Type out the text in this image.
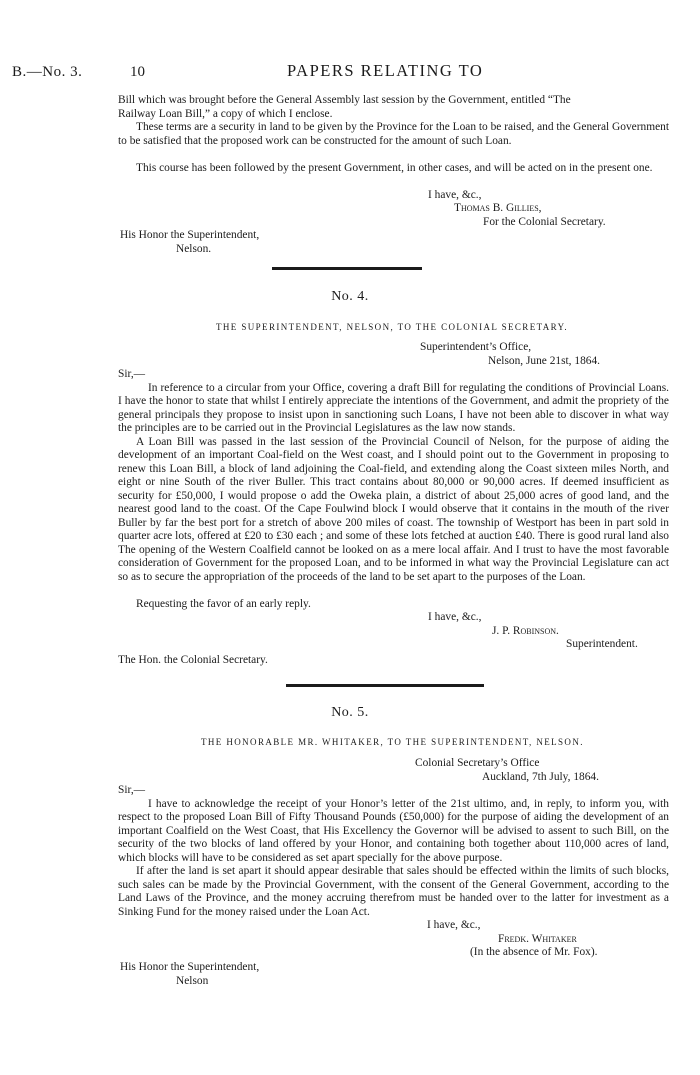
B.—No. 3.	10	PAPERS RELATING TO
Bill which was brought before the General Assembly last session by the Government, entitled “The
Railway Loan Bill,” a copy of which I enclose.

These terms are a security in land to be given by the Province for the Loan to be raised, and the General Government to be satisfied that the proposed work can be constructed for the amount of such Loan.

This course has been followed by the present Government, in other cases, and will be acted on in the present one.

I have, &c.,
Thomas B. Gillies,
For the Colonial Secretary.
His Honor the Superintendent,
Nelson.
No. 4.
THE SUPERINTENDENT, NELSON, TO THE COLONIAL SECRETARY.
Superintendent’s Office,
Nelson, June 21st, 1864.
Sir,—

In reference to a circular from your Office, covering a draft Bill for regulating the conditions of Provincial Loans. I have the honor to state that whilst I entirely appreciate the intentions of the Government, and admit the propriety of the general principals they propose to insist upon in sanctioning such Loans, I have not been able to discover in what way the principles are to be carried out in the Provincial Legislatures as the law now stands.

A Loan Bill was passed in the last session of the Provincial Council of Nelson, for the purpose of aiding the development of an important Coal-field on the West coast, and I should point out to the Government in proposing to renew this Loan Bill, a block of land adjoining the Coal-field, and extending along the Coast sixteen miles North, and eight or nine South of the river Buller. This tract contains about 80,000 or 90,000 acres. If deemed insufficient as security for £50,000, I would propose o add the Oweka plain, a district of about 25,000 acres of good land, and the nearest good land to the coast. Of the Cape Foulwind block I would observe that it contains in the mouth of the river Buller by far the best port for a stretch of above 200 miles of coast. The township of Westport has been in part sold in quarter acre lots, offered at £20 to £30 each ; and some of these lots fetched at auction £40. There is good rural land also The opening of the Western Coalfield cannot be looked on as a mere local affair. And I trust to have the most favorable consideration of Government for the proposed Loan, and to be informed in what way the Provincial Legislature can act so as to secure the appropriation of the proceeds of the land to be set apart to the purposes of the Loan.

Requesting the favor of an early reply.

I have, &c.,
J. P. Robinson.
Superintendent.
The Hon. the Colonial Secretary.
No. 5.
THE HONORABLE MR. WHITAKER, TO THE SUPERINTENDENT, NELSON.
Colonial Secretary’s Office
Auckland, 7th July, 1864.
Sir,—

I have to acknowledge the receipt of your Honor’s letter of the 21st ultimo, and, in reply, to inform you, with respect to the proposed Loan Bill of Fifty Thousand Pounds (£50,000) for the purpose of aiding the development of an important Coalfield on the West Coast, that His Excellency the Governor will be advised to assent to such Bill, on the security of the two blocks of land offered by your Honor, and containing both together about 110,000 acres of land, which blocks will have to be considered as set apart specially for the above purpose.

If after the land is set apart it should appear desirable that sales should be effected within the limits of such blocks, such sales can be made by the Provincial Government, with the consent of the General Government, according to the Land Laws of the Province, and the money accruing therefrom must be handed over to the latter for investment as a Sinking Fund for the money raised under the Loan Act.

I have, &c.,
Fredk. Whitaker
(In the absence of Mr. Fox).
His Honor the Superintendent,
Nelson
